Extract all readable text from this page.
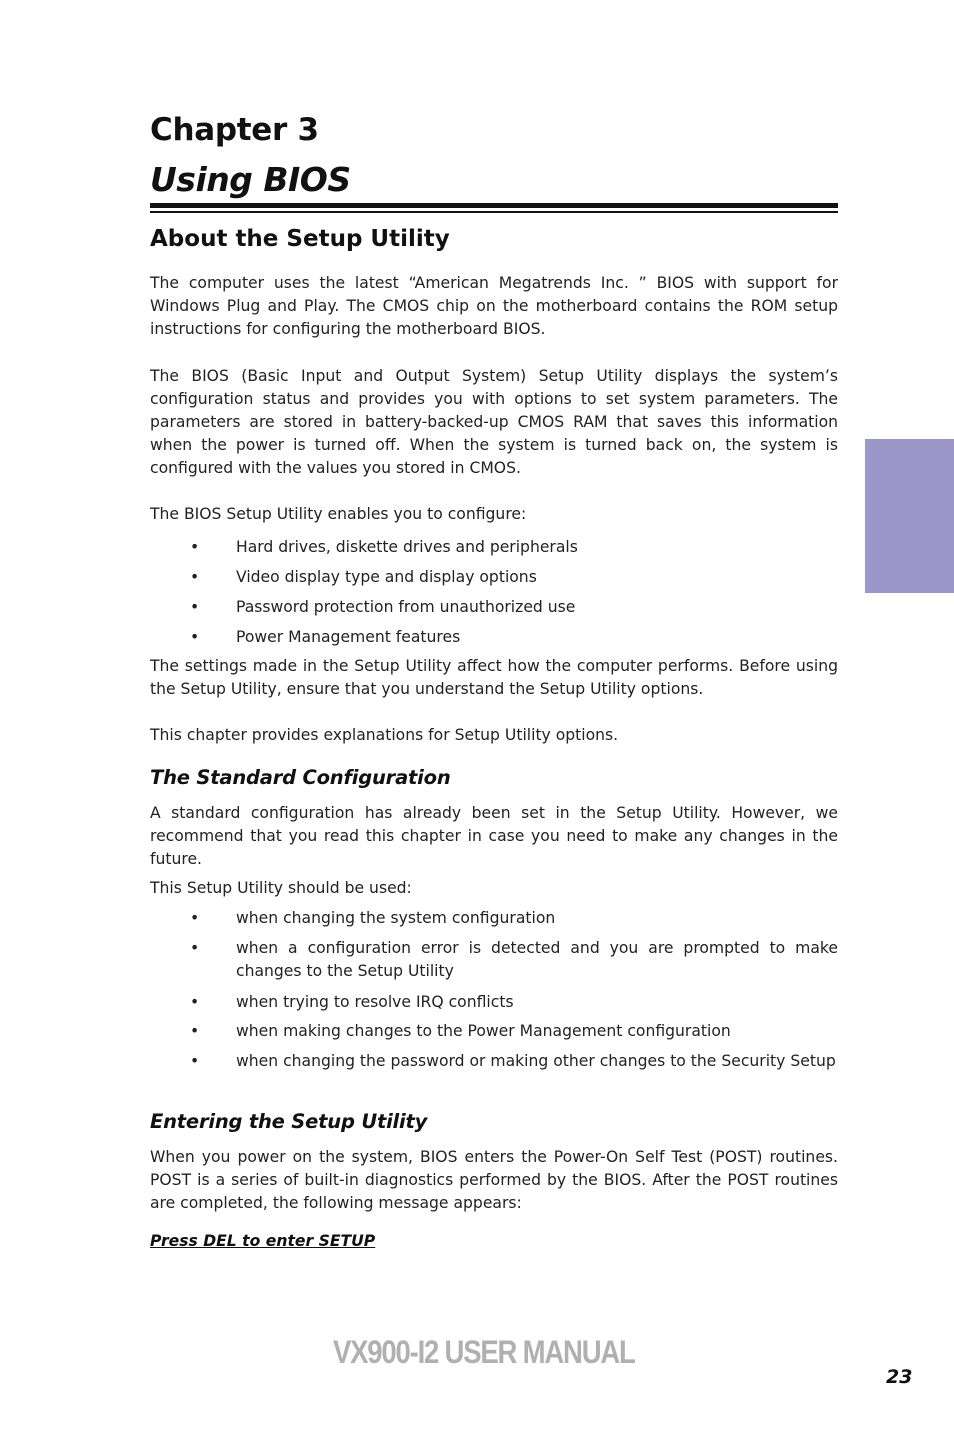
Chapter 3
Using BIOS
About the Setup Utility
The computer uses the latest “American Megatrends Inc. ” BIOS with support for Windows Plug and Play. The CMOS chip on the motherboard contains the ROM setup instructions for configuring the motherboard BIOS.
The BIOS (Basic Input and Output System) Setup Utility displays the system’s configuration status and provides you with options to set system parameters. The parameters are stored in battery-backed-up CMOS RAM that saves this information when the power is turned off. When the system is turned back on, the system is configured with the values you stored in CMOS.
The BIOS Setup Utility enables you to configure:
• Hard drives, diskette drives and peripherals
• Video display type and display options
• Password protection from unauthorized use
• Power Management features
The settings made in the Setup Utility affect how the computer performs. Before using the Setup Utility, ensure that you understand the Setup Utility options.
This chapter provides explanations for Setup Utility options.
The Standard Configuration
A standard configuration has already been set in the Setup Utility. However, we recommend that you read this chapter in case you need to make any changes in the future.
This Setup Utility should be used:
• when changing the system configuration
• when a configuration error is detected and you are prompted to make changes to the Setup Utility
• when trying to resolve IRQ conflicts
• when making changes to the Power Management configuration
• when changing the password or making other changes to the Security Setup
Entering the Setup Utility
When you power on the system, BIOS enters the Power-On Self Test (POST) routines. POST is a series of built-in diagnostics performed by the BIOS. After the POST routines are completed, the following message appears:
Press DEL to enter SETUP
VX900-I2 USER MANUAL
23
